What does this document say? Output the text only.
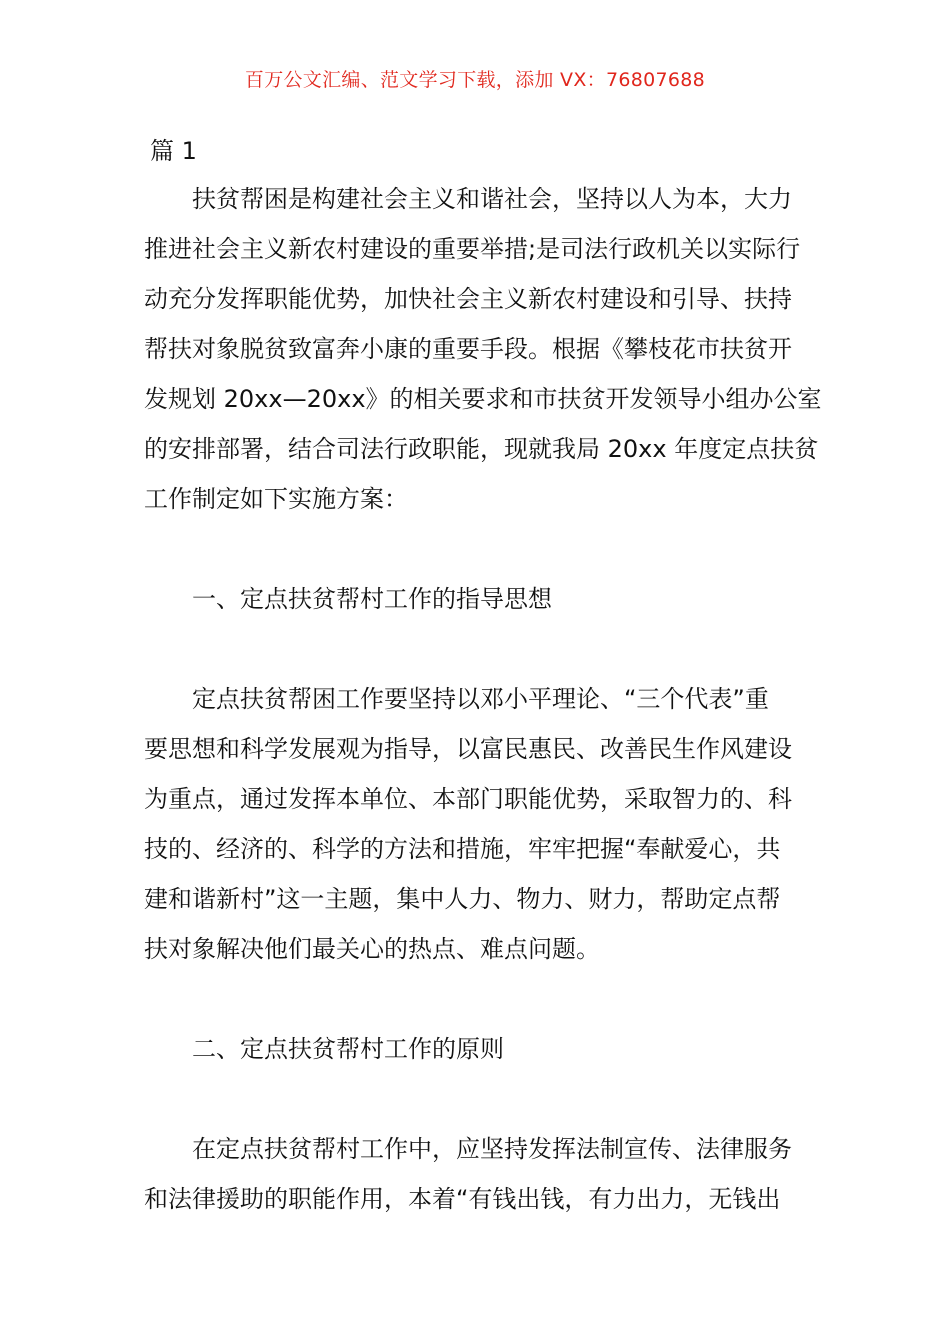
百万公文汇编、范文学习下载，添加 VX：76807688
篇 1
扶贫帮困是构建社会主义和谐社会，坚持以人为本，大力
推进社会主义新农村建设的重要举措;是司法行政机关以实际行
动充分发挥职能优势，加快社会主义新农村建设和引导、扶持
帮扶对象脱贫致富奔小康的重要手段。根据《攀枝花市扶贫开
发规划 20xx—20xx》的相关要求和市扶贫开发领导小组办公室
的安排部署，结合司法行政职能，现就我局 20xx 年度定点扶贫
工作制定如下实施方案：
一、定点扶贫帮村工作的指导思想
定点扶贫帮困工作要坚持以邓小平理论、“三个代表”重
要思想和科学发展观为指导，以富民惠民、改善民生作风建设
为重点，通过发挥本单位、本部门职能优势，采取智力的、科
技的、经济的、科学的方法和措施，牢牢把握“奉献爱心，共
建和谐新村”这一主题，集中人力、物力、财力，帮助定点帮
扶对象解决他们最关心的热点、难点问题。
二、定点扶贫帮村工作的原则
在定点扶贫帮村工作中，应坚持发挥法制宣传、法律服务
和法律援助的职能作用，本着“有钱出钱，有力出力，无钱出
